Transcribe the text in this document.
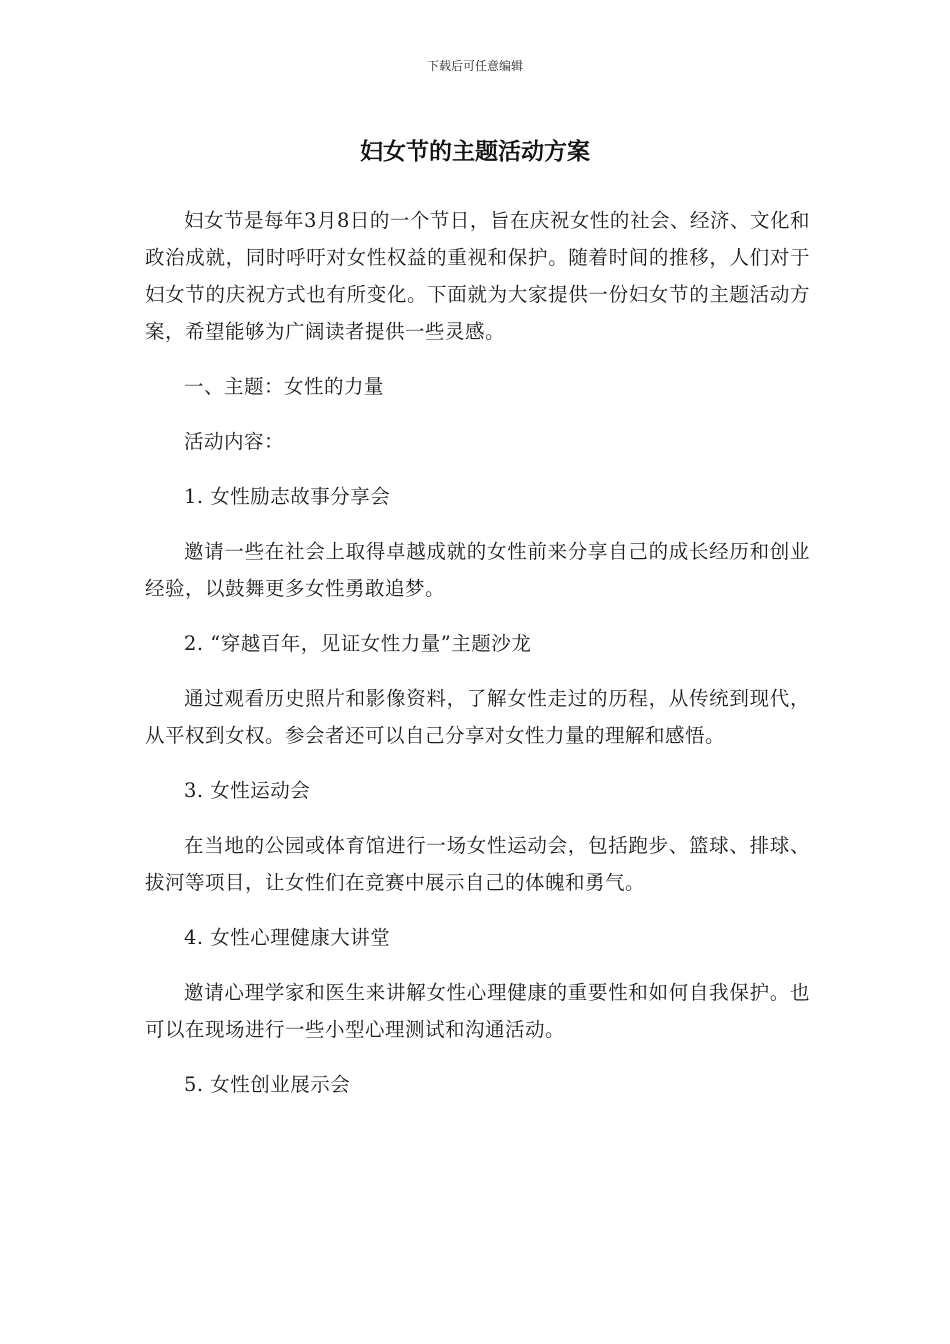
下载后可任意编辑
妇女节的主题活动方案

妇女节是每年3月8日的一个节日，旨在庆祝女性的社会、经济、文化和政治成就，同时呼吁对女性权益的重视和保护。随着时间的推移，人们对于妇女节的庆祝方式也有所变化。下面就为大家提供一份妇女节的主题活动方案，希望能够为广阔读者提供一些灵感。

一、主题：女性的力量

活动内容：

1. 女性励志故事分享会

邀请一些在社会上取得卓越成就的女性前来分享自己的成长经历和创业经验，以鼓舞更多女性勇敢追梦。

2. “穿越百年，见证女性力量”主题沙龙

通过观看历史照片和影像资料，了解女性走过的历程，从传统到现代，从平权到女权。参会者还可以自己分享对女性力量的理解和感悟。

3. 女性运动会

在当地的公园或体育馆进行一场女性运动会，包括跑步、篮球、排球、拔河等项目，让女性们在竞赛中展示自己的体魄和勇气。

4. 女性心理健康大讲堂

邀请心理学家和医生来讲解女性心理健康的重要性和如何自我保护。也可以在现场进行一些小型心理测试和沟通活动。

5. 女性创业展示会
